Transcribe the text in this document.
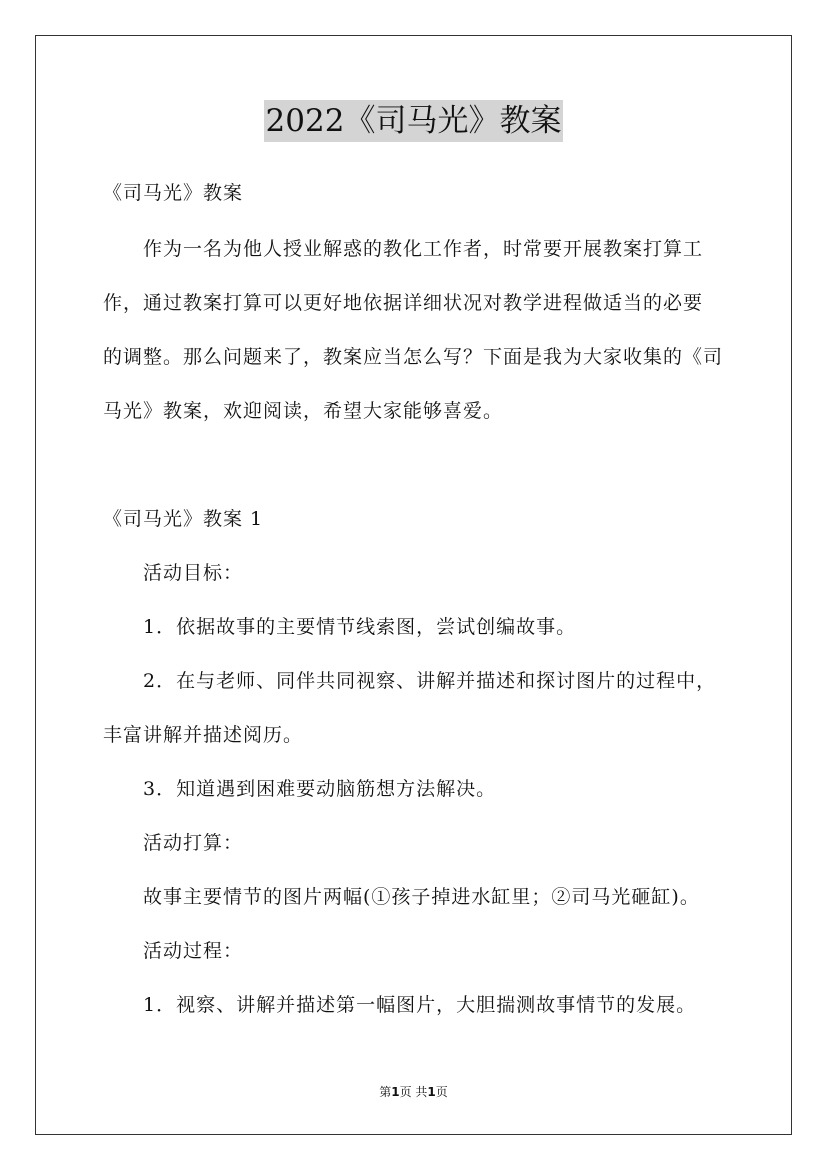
2022《司马光》教案
《司马光》教案
作为一名为他人授业解惑的教化工作者，时常要开展教案打算工
作，通过教案打算可以更好地依据详细状况对教学进程做适当的必要
的调整。那么问题来了，教案应当怎么写？下面是我为大家收集的《司
马光》教案，欢迎阅读，希望大家能够喜爱。
《司马光》教案 1
活动目标：
1．依据故事的主要情节线索图，尝试创编故事。
2．在与老师、同伴共同视察、讲解并描述和探讨图片的过程中，
丰富讲解并描述阅历。
3．知道遇到困难要动脑筋想方法解决。
活动打算：
故事主要情节的图片两幅(①孩子掉进水缸里；②司马光砸缸)。
活动过程：
1．视察、讲解并描述第一幅图片，大胆揣测故事情节的发展。
第1页 共1页
